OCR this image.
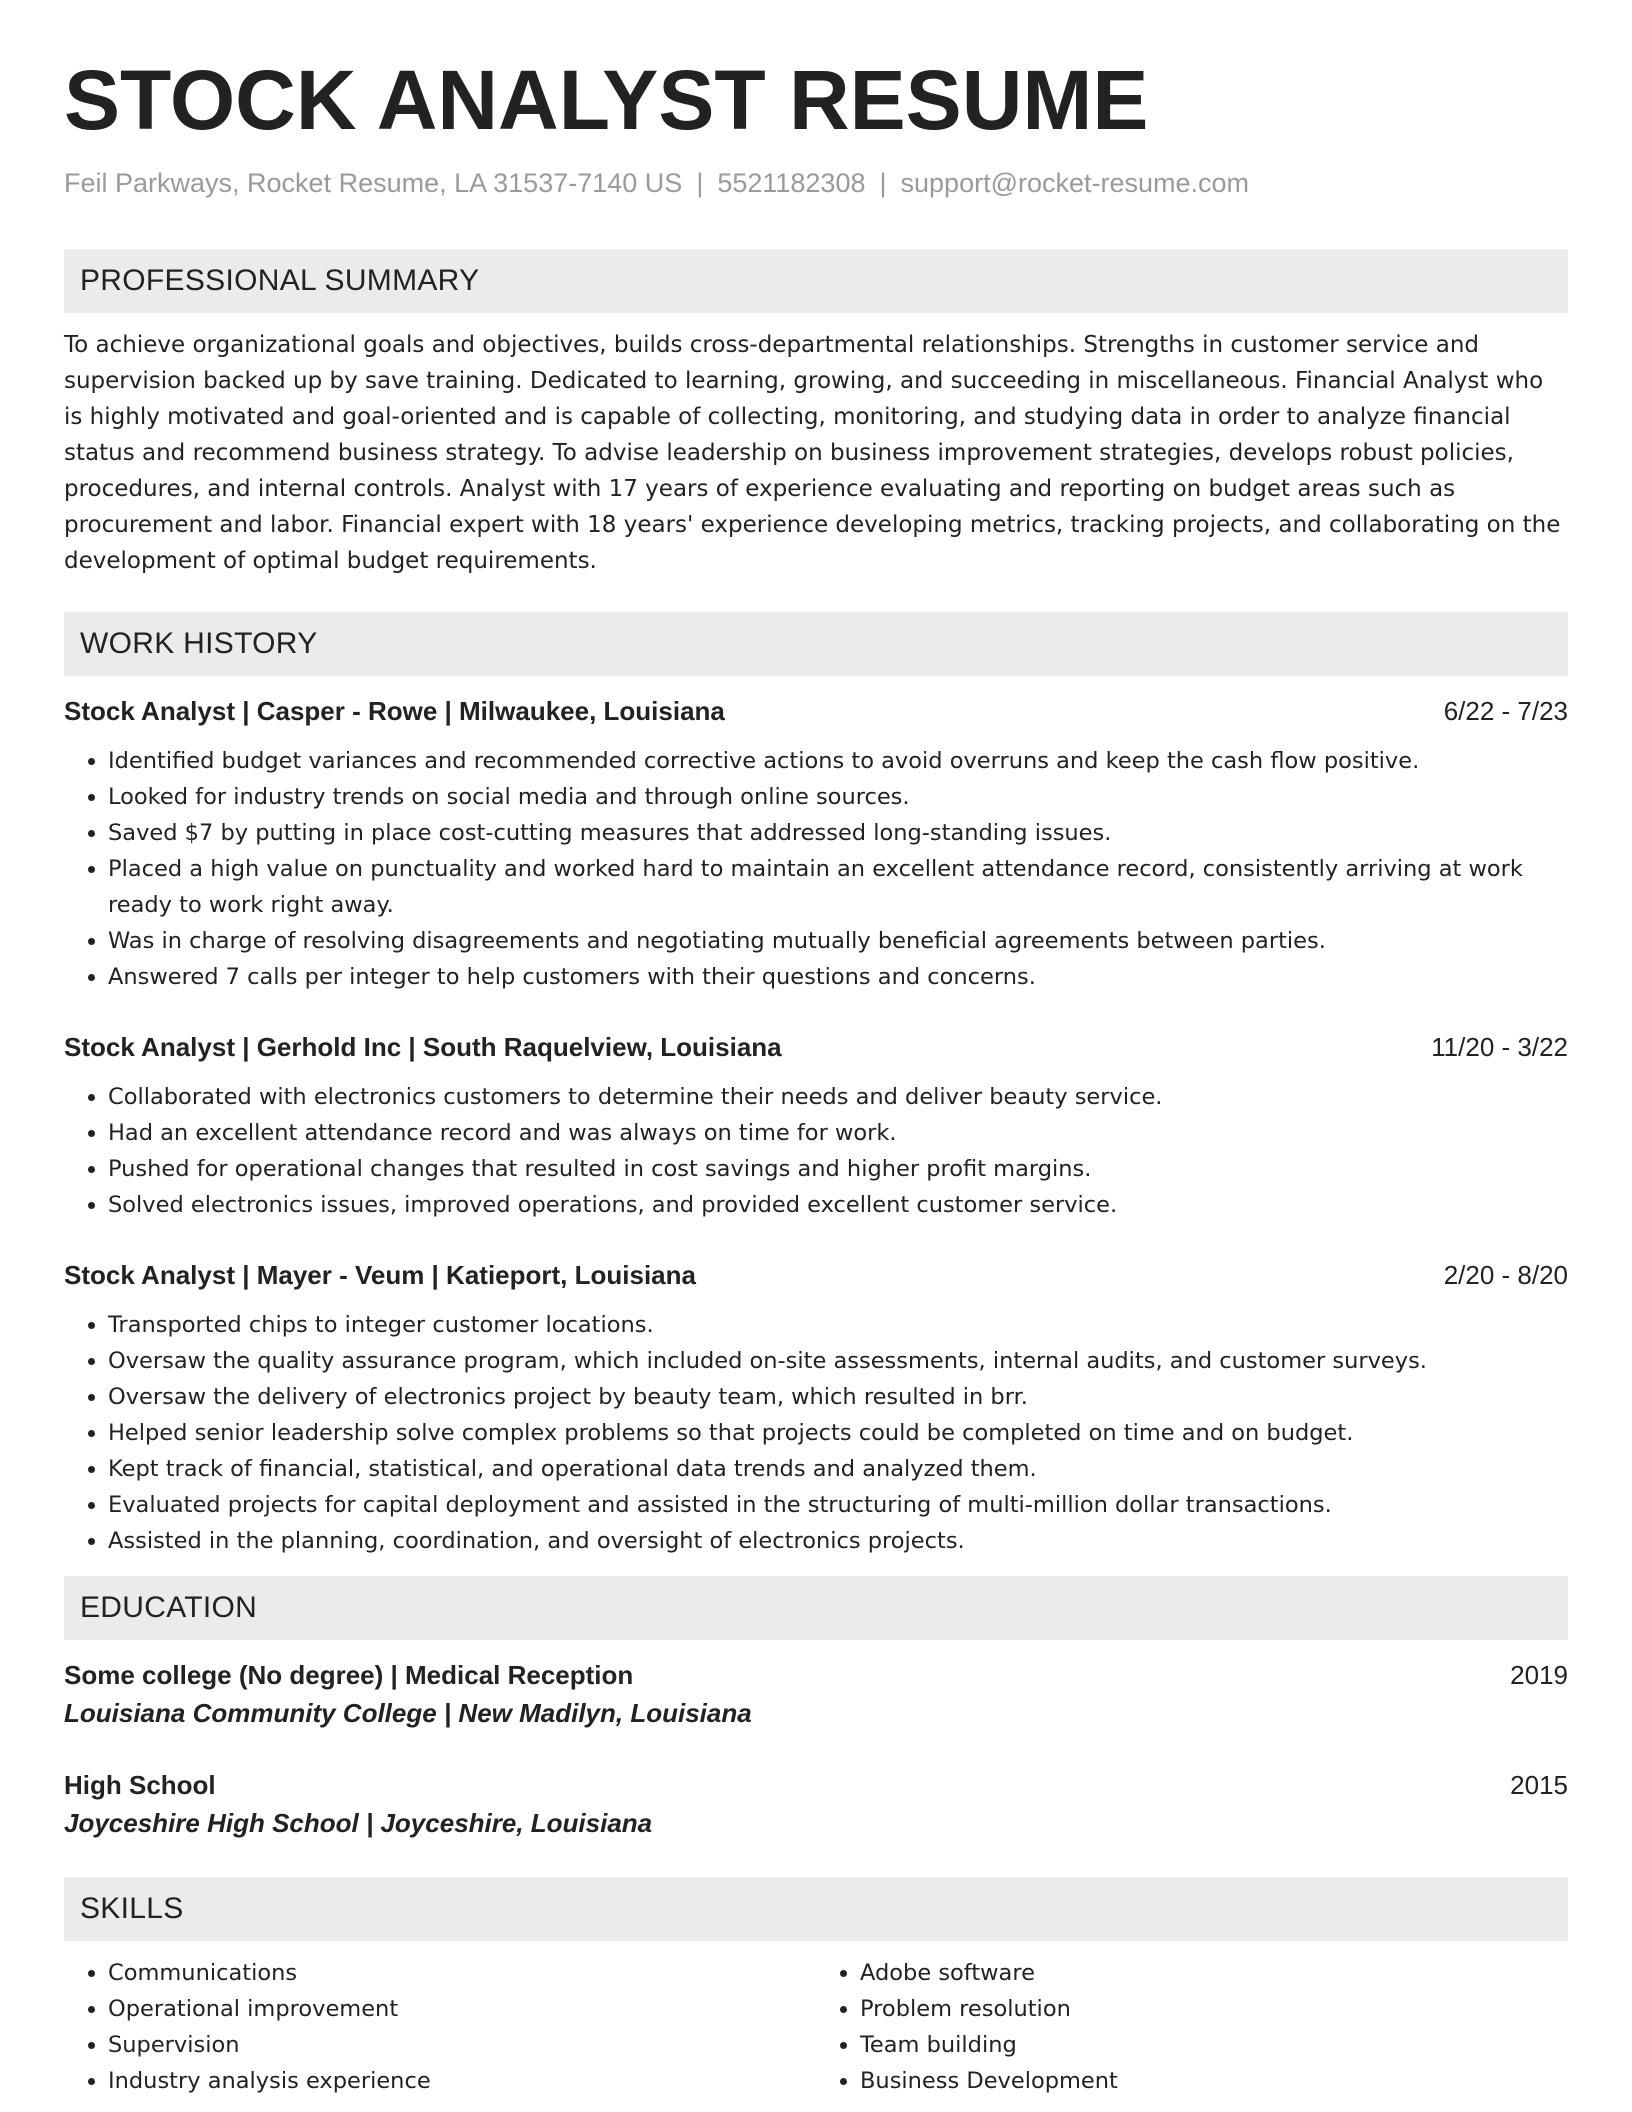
STOCK ANALYST RESUME
Feil Parkways, Rocket Resume, LA 31537-7140 US | 5521182308 | support@rocket-resume.com
PROFESSIONAL SUMMARY
To achieve organizational goals and objectives, builds cross-departmental relationships. Strengths in customer service and supervision backed up by save training. Dedicated to learning, growing, and succeeding in miscellaneous. Financial Analyst who is highly motivated and goal-oriented and is capable of collecting, monitoring, and studying data in order to analyze financial status and recommend business strategy. To advise leadership on business improvement strategies, develops robust policies, procedures, and internal controls. Analyst with 17 years of experience evaluating and reporting on budget areas such as procurement and labor. Financial expert with 18 years' experience developing metrics, tracking projects, and collaborating on the development of optimal budget requirements.
WORK HISTORY
Stock Analyst | Casper - Rowe | Milwaukee, Louisiana	6/22 - 7/23
• Identified budget variances and recommended corrective actions to avoid overruns and keep the cash flow positive.
• Looked for industry trends on social media and through online sources.
• Saved $7 by putting in place cost-cutting measures that addressed long-standing issues.
• Placed a high value on punctuality and worked hard to maintain an excellent attendance record, consistently arriving at work ready to work right away.
• Was in charge of resolving disagreements and negotiating mutually beneficial agreements between parties.
• Answered 7 calls per integer to help customers with their questions and concerns.
Stock Analyst | Gerhold Inc | South Raquelview, Louisiana	11/20 - 3/22
• Collaborated with electronics customers to determine their needs and deliver beauty service.
• Had an excellent attendance record and was always on time for work.
• Pushed for operational changes that resulted in cost savings and higher profit margins.
• Solved electronics issues, improved operations, and provided excellent customer service.
Stock Analyst | Mayer - Veum | Katieport, Louisiana	2/20 - 8/20
• Transported chips to integer customer locations.
• Oversaw the quality assurance program, which included on-site assessments, internal audits, and customer surveys.
• Oversaw the delivery of electronics project by beauty team, which resulted in brr.
• Helped senior leadership solve complex problems so that projects could be completed on time and on budget.
• Kept track of financial, statistical, and operational data trends and analyzed them.
• Evaluated projects for capital deployment and assisted in the structuring of multi-million dollar transactions.
• Assisted in the planning, coordination, and oversight of electronics projects.
EDUCATION
Some college (No degree) | Medical Reception	2019
Louisiana Community College | New Madilyn, Louisiana
High School	2015
Joyceshire High School | Joyceshire, Louisiana
SKILLS
• Communications
• Operational improvement
• Supervision
• Industry analysis experience
• Adobe software
• Problem resolution
• Team building
• Business Development
